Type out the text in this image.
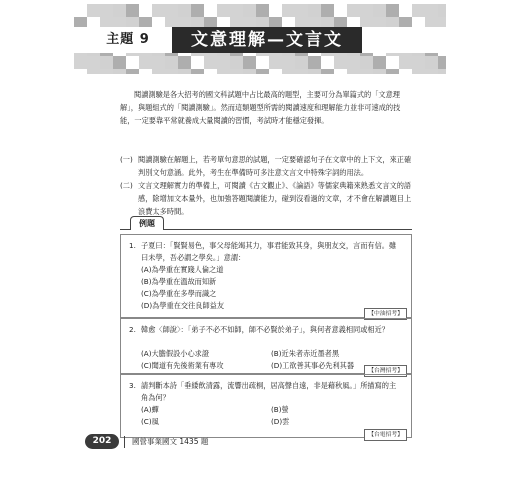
主題 9	文意理解—文言文

閱讀測驗是各大招考的國文科試題中占比最高的題型，主要可分為單篇式的「文意理解」，與題組式的「閱讀測驗」。然而這類題型所需的閱讀速度和理解能力並非可速成的技能，一定要靠平常就養成大量閱讀的習慣，考試時才能穩定發揮。

(一) 閱讀測驗在解題上，若考單句意思的試題，一定要確認句子在文章中的上下文，來正確判別文句意涵。此外，考生在準備時可多注意文言文中特殊字詞的用法。
(二) 文言文理解實力的準備上，可閱讀《古文觀止》、《論語》等儒家典籍來熟悉文言文的語感，除增加文本量外，也加強答題閱讀能力，碰到沒看過的文章，才不會在解讀題目上浪費太多時間。
例題
1. 子夏曰：「賢賢易色，事父母能竭其力，事君能致其身，與朋友交，言而有信。雖曰未學，吾必謂之學矣。」意謂：
(A)為學重在實踐人倫之道
(B)為學重在溫故而知新
(C)為學重在多學而識之
(D)為學重在交往良師益友
【中油招考】
2. 韓愈〈師說〉：「弟子不必不如師，師不必賢於弟子」，與何者意義相同或相近？
(A)大膽假設小心求證	(B)近朱者赤近墨者黑
(C)聞道有先後術業有專攻	(D)工欲善其事必先利其器
【台灣招考】
3. 請判斷本詩「垂緌飲清露，流響出疏桐，居高聲自遠，非是藉秋風。」所描寫的主角為何？
(A)蟬	(B)螢
(C)風	(D)雲
【台電招考】
202	國營事業國文 1435 題
